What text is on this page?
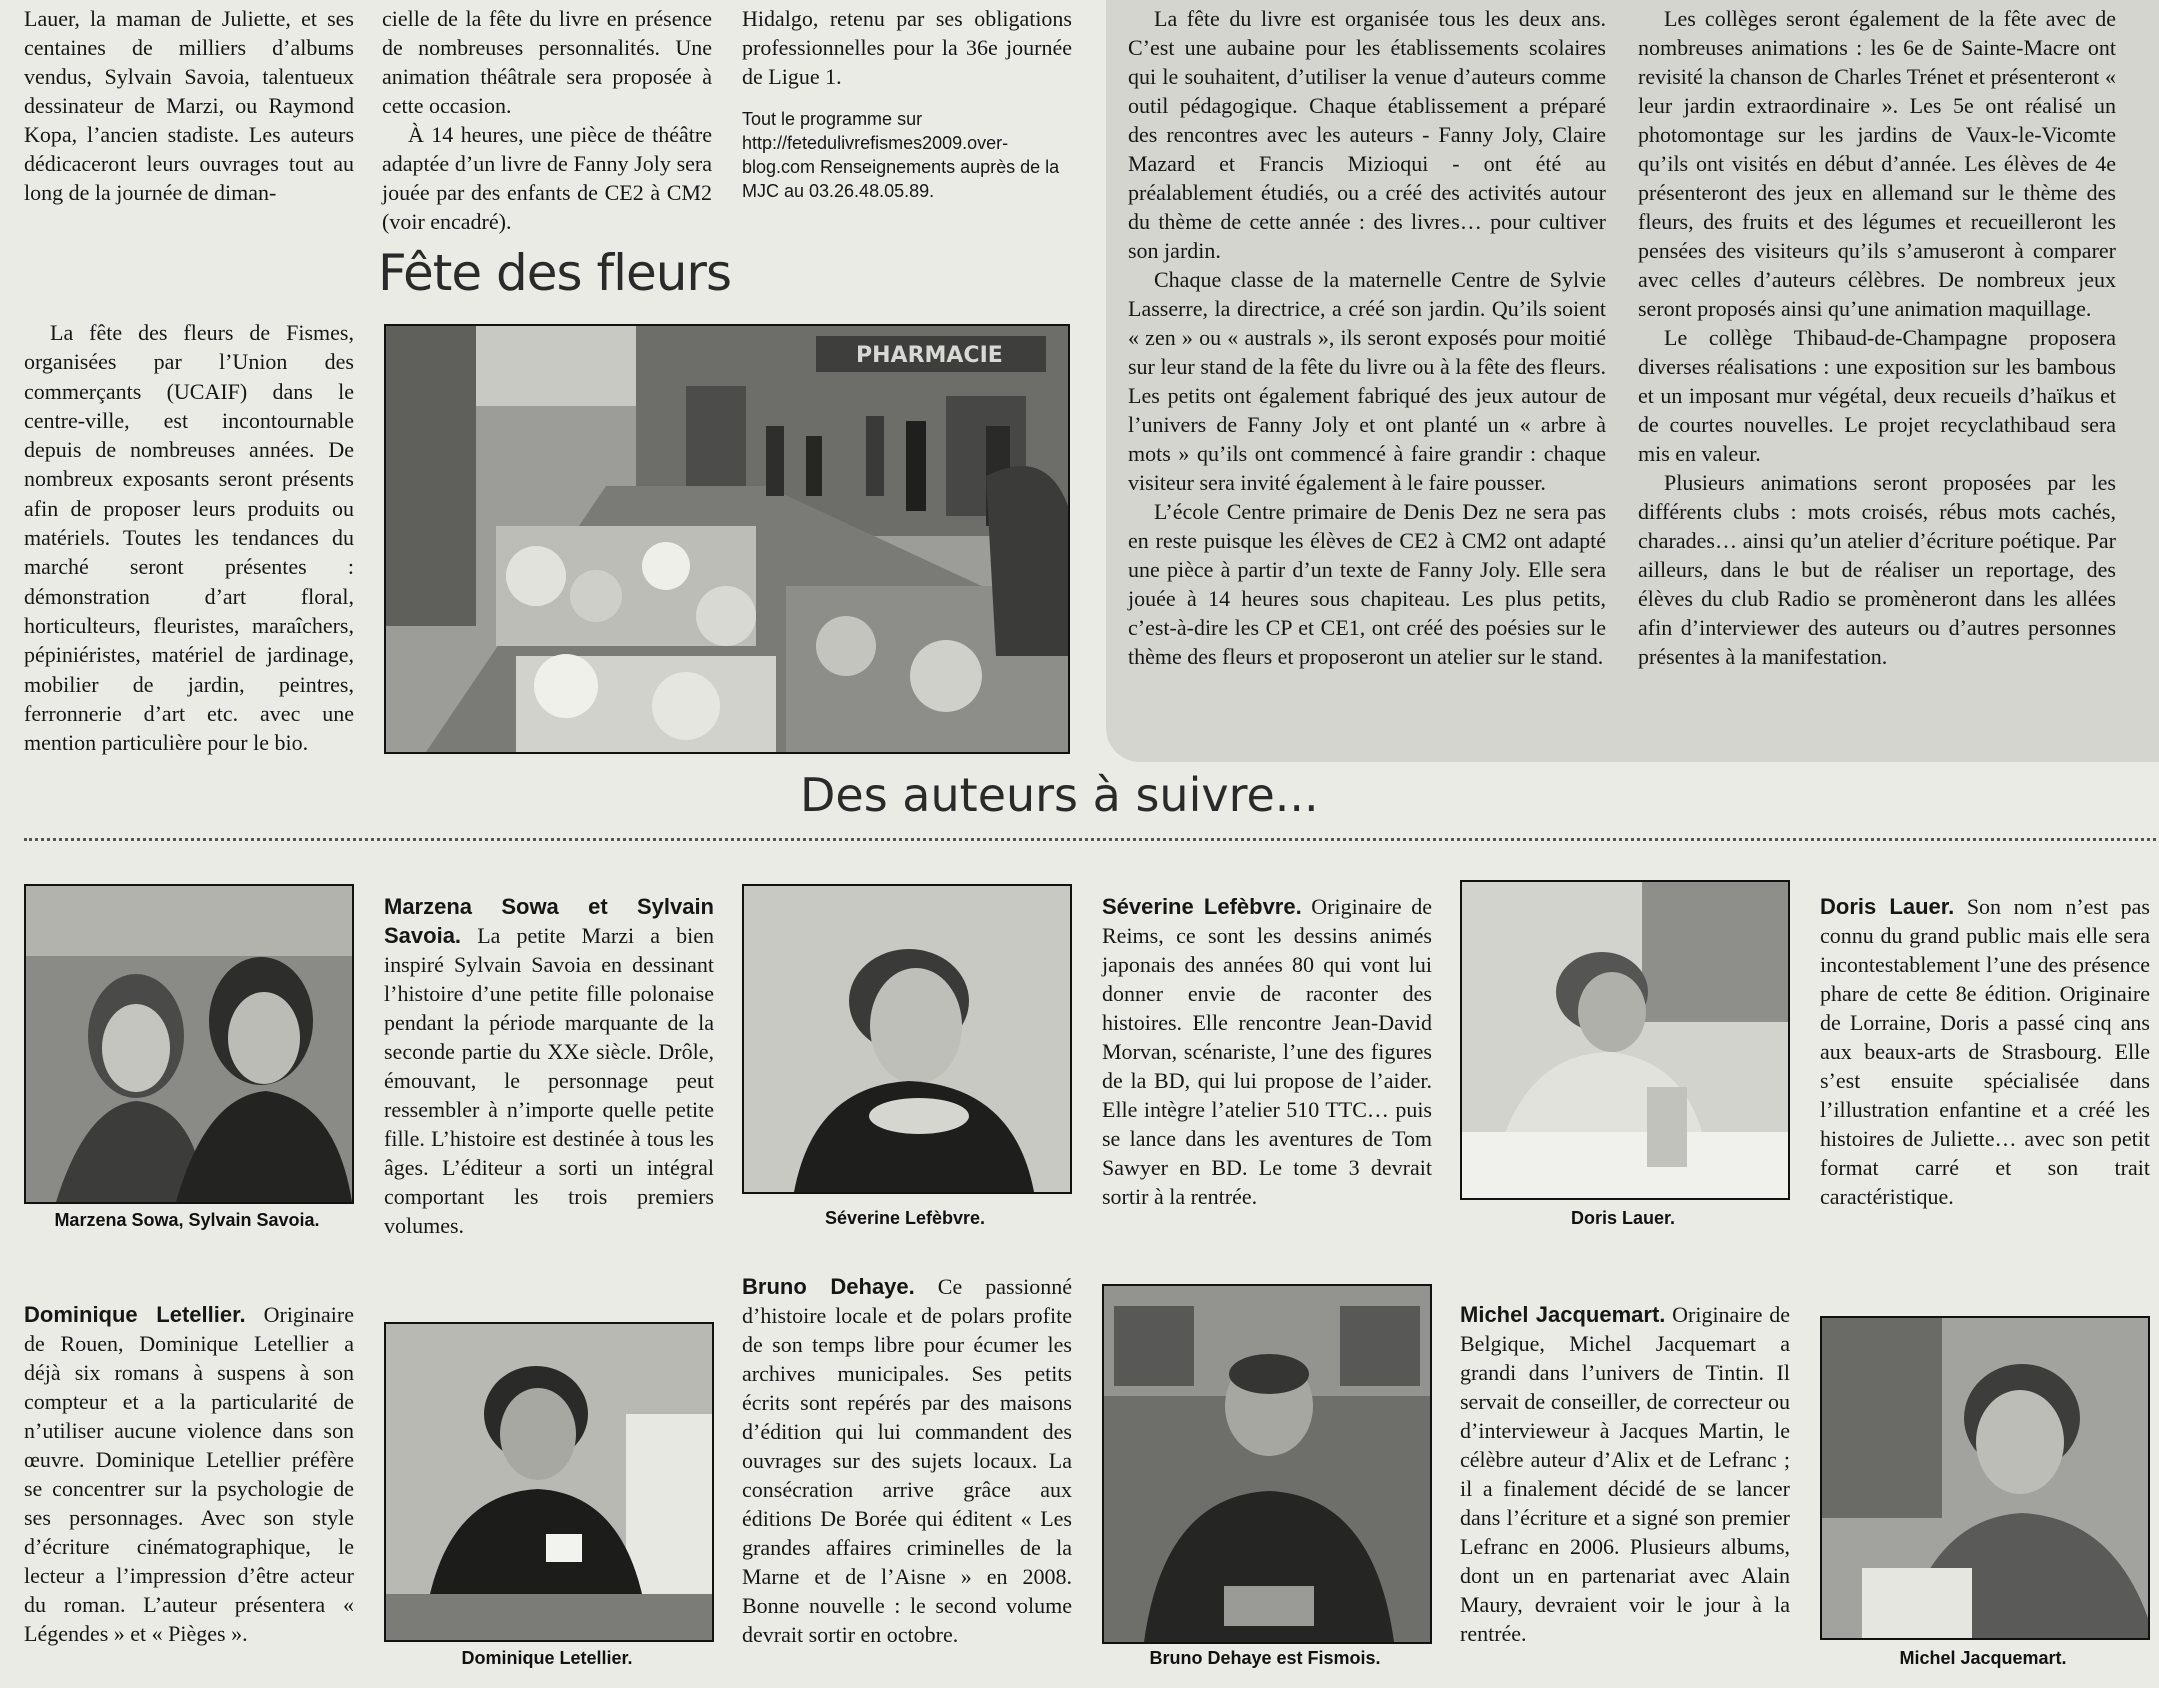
Lauer, la maman de Juliette, et ses centaines de milliers d’albums vendus, Sylvain Savoia, talentueux dessinateur de Marzi, ou Raymond Kopa, l’ancien stadiste. Les auteurs dédicaceront leurs ouvrages tout au long de la journée de diman-

cielle de la fête du livre en présence de nombreuses personnalités. Une animation théâtrale sera proposée à cette occasion.

À 14 heures, une pièce de théâtre adaptée d’un livre de Fanny Joly sera jouée par des enfants de CE2 à CM2 (voir encadré).

Hidalgo, retenu par ses obligations professionnelles pour la 36e journée de Ligue 1.

Tout le programme sur http://fetedulivrefismes2009.over-blog.com Renseignements auprès de la MJC au 03.26.48.05.89.

La fête du livre est organisée tous les deux ans. C’est une aubaine pour les établissements scolaires qui le souhaitent, d’utiliser la venue d’auteurs comme outil pédagogique. Chaque établissement a préparé des rencontres avec les auteurs - Fanny Joly, Claire Mazard et Francis Mizioqui - ont été au préalablement étudiés, ou a créé des activités autour du thème de cette année : des livres… pour cultiver son jardin.

Chaque classe de la maternelle Centre de Sylvie Lasserre, la directrice, a créé son jardin. Qu’ils soient « zen » ou « australs », ils seront exposés pour moitié sur leur stand de la fête du livre ou à la fête des fleurs. Les petits ont également fabriqué des jeux autour de l’univers de Fanny Joly et ont planté un « arbre à mots » qu’ils ont commencé à faire grandir : chaque visiteur sera invité également à le faire pousser.

L’école Centre primaire de Denis Dez ne sera pas en reste puisque les élèves de CE2 à CM2 ont adapté une pièce à partir d’un texte de Fanny Joly. Elle sera jouée à 14 heures sous chapiteau. Les plus petits, c’est-à-dire les CP et CE1, ont créé des poésies sur le thème des fleurs et proposeront un atelier sur le stand.

Les collèges seront également de la fête avec de nombreuses animations : les 6e de Sainte-Macre ont revisité la chanson de Charles Trénet et présenteront « leur jardin extraordinaire ». Les 5e ont réalisé un photomontage sur les jardins de Vaux-le-Vicomte qu’ils ont visités en début d’année. Les élèves de 4e présenteront des jeux en allemand sur le thème des fleurs, des fruits et des légumes et recueilleront les pensées des visiteurs qu’ils s’amuseront à comparer avec celles d’auteurs célèbres. De nombreux jeux seront proposés ainsi qu’une animation maquillage.

Le collège Thibaud-de-Champagne proposera diverses réalisations : une exposition sur les bambous et un imposant mur végétal, deux recueils d’haïkus et de courtes nouvelles. Le projet recyclathibaud sera mis en valeur.

Plusieurs animations seront proposées par les différents clubs : mots croisés, rébus mots cachés, charades… ainsi qu’un atelier d’écriture poétique. Par ailleurs, dans le but de réaliser un reportage, des élèves du club Radio se promèneront dans les allées afin d’interviewer des auteurs ou d’autres personnes présentes à la manifestation.

Fête des fleurs

La fête des fleurs de Fismes, organisées par l’Union des commerçants (UCAIF) dans le centre-ville, est incontournable depuis de nombreuses années. De nombreux exposants seront présents afin de proposer leurs produits ou matériels. Toutes les tendances du marché seront présentes : démonstration d’art floral, horticulteurs, fleuristes, maraîchers, pépiniéristes, matériel de jardinage, mobilier de jardin, peintres, ferronnerie d’art etc. avec une mention particulière pour le bio.

PHARMACIE
Des auteurs à suivre...

Marzena Sowa, Sylvain Savoia.

Marzena Sowa et Sylvain Savoia. La petite Marzi a bien inspiré Sylvain Savoia en dessinant l’histoire d’une petite fille polonaise pendant la période marquante de la seconde partie du XXe siècle. Drôle, émouvant, le personnage peut ressembler à n’importe quelle petite fille. L’histoire est destinée à tous les âges. L’éditeur a sorti un intégral comportant les trois premiers volumes.	Séverine Lefèbvre.

Séverine Lefèbvre. Originaire de Reims, ce sont les dessins animés japonais des années 80 qui vont lui donner envie de raconter des histoires. Elle rencontre Jean-David Morvan, scénariste, l’une des figures de la BD, qui lui propose de l’aider. Elle intègre l’atelier 510 TTC… puis se lance dans les aventures de Tom Sawyer en BD. Le tome 3 devrait sortir à la rentrée.

Doris Lauer.

Doris Lauer. Son nom n’est pas connu du grand public mais elle sera incontestablement l’une des présence phare de cette 8e édition. Originaire de Lorraine, Doris a passé cinq ans aux beaux-arts de Strasbourg. Elle s’est ensuite spécialisée dans l’illustration enfantine et a créé les histoires de Juliette… avec son petit format carré et son trait caractéristique.

Dominique Letellier. Originaire de Rouen, Dominique Letellier a déjà six romans à suspens à son compteur et a la particularité de n’utiliser aucune violence dans son œuvre. Dominique Letellier préfère se concentrer sur la psychologie de ses personnages. Avec son style d’écriture cinématographique, le lecteur a l’impression d’être acteur du roman. L’auteur présentera « Légendes » et « Pièges ».

Dominique Letellier.

Bruno Dehaye. Ce passionné d’histoire locale et de polars profite de son temps libre pour écumer les archives municipales. Ses petits écrits sont repérés par des maisons d’édition qui lui commandent des ouvrages sur des sujets locaux. La consécration arrive grâce aux éditions De Borée qui éditent « Les grandes affaires criminelles de la Marne et de l’Aisne » en 2008. Bonne nouvelle : le second volume devrait sortir en octobre.

Bruno Dehaye est Fismois.

Michel Jacquemart. Originaire de Belgique, Michel Jacquemart a grandi dans l’univers de Tintin. Il servait de conseiller, de correcteur ou d’intervieweur à Jacques Martin, le célèbre auteur d’Alix et de Lefranc ; il a finalement décidé de se lancer dans l’écriture et a signé son premier Lefranc en 2006. Plusieurs albums, dont un en partenariat avec Alain Maury, devraient voir le jour à la rentrée.

Michel Jacquemart.
